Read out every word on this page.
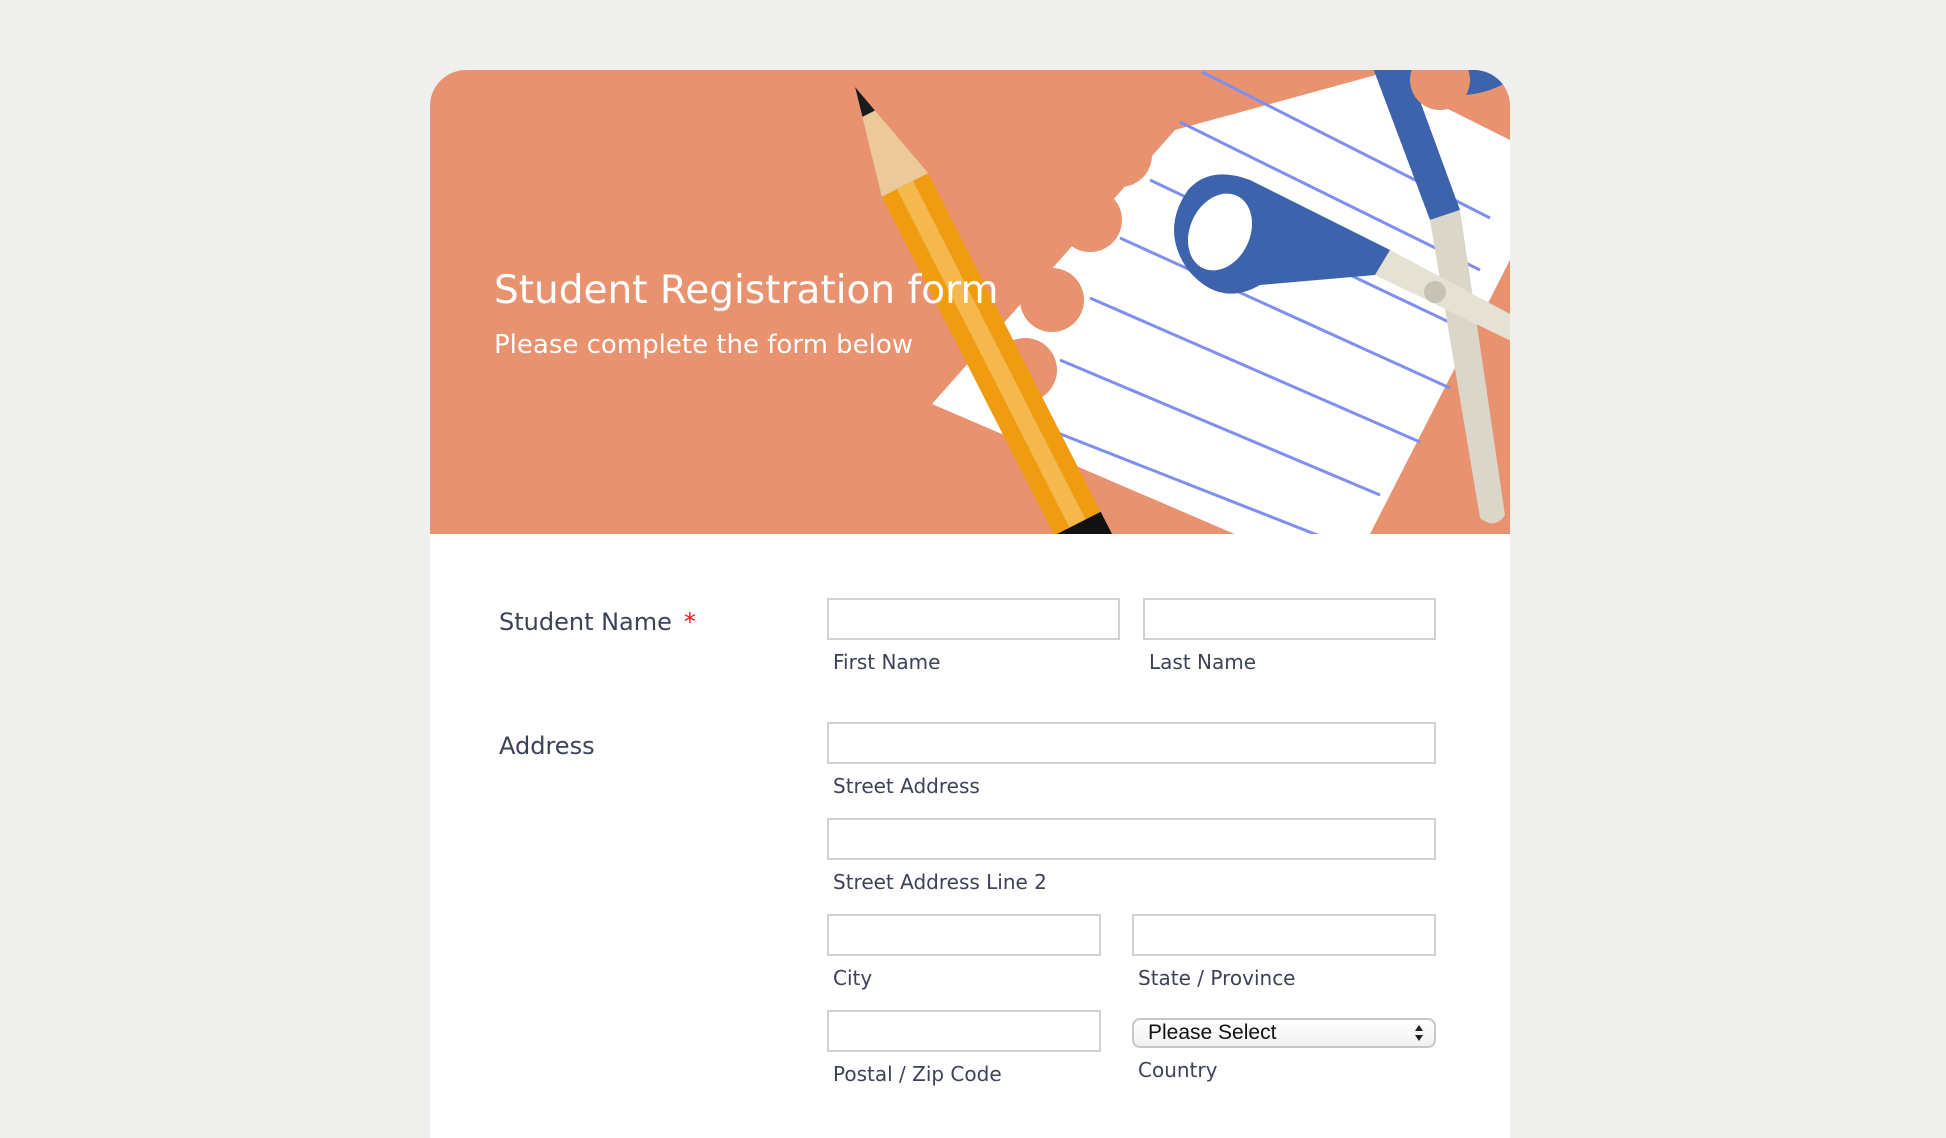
Student Registration form
Please complete the form below
Student Name *
First Name	Last Name
Address
Street Address
Street Address Line 2
City	State / Province
Postal / Zip Code
Please Select
Country
